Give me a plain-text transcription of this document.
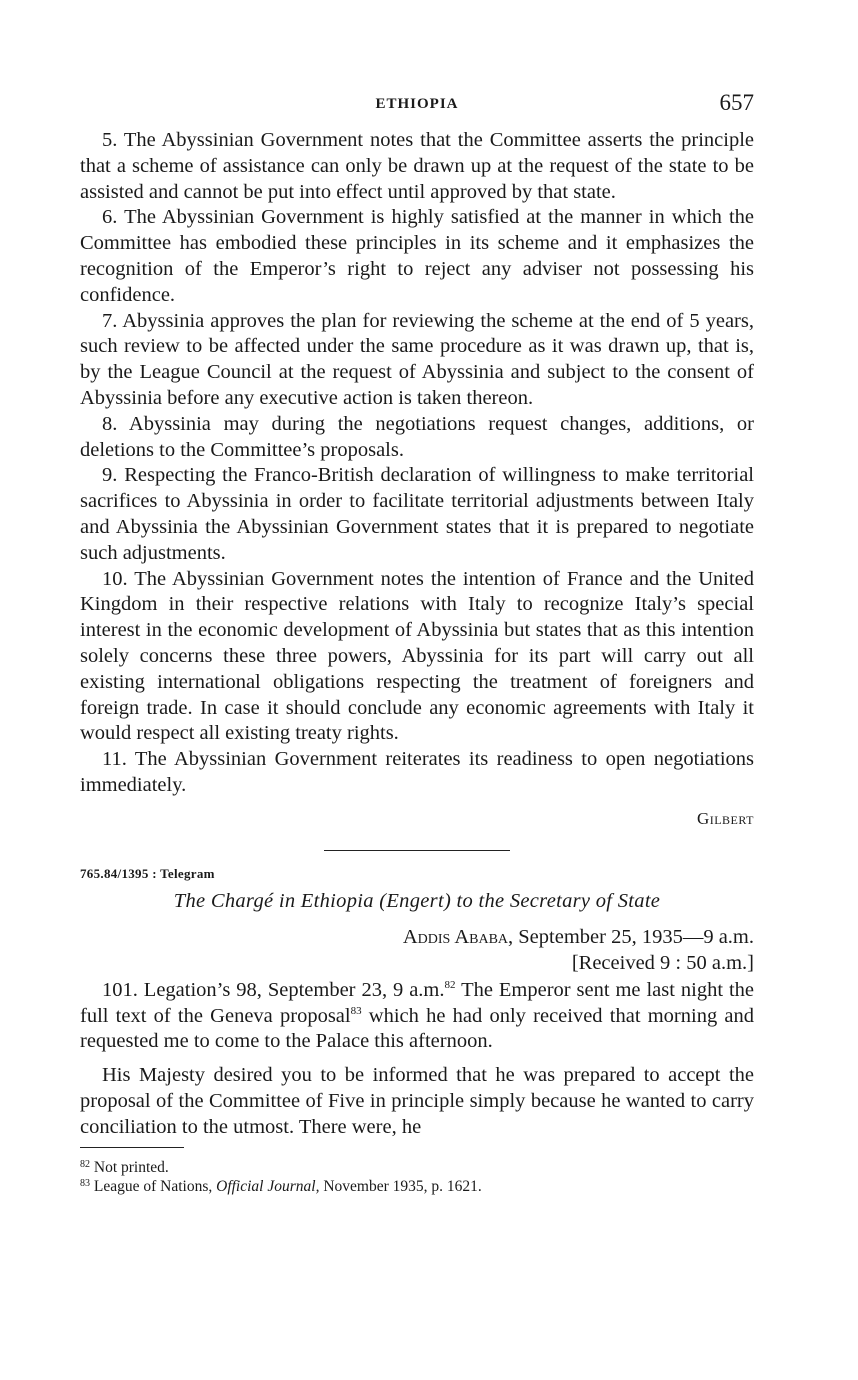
ETHIOPIA	657

5. The Abyssinian Government notes that the Committee asserts the principle that a scheme of assistance can only be drawn up at the request of the state to be assisted and cannot be put into effect until approved by that state.

6. The Abyssinian Government is highly satisfied at the manner in which the Committee has embodied these principles in its scheme and it emphasizes the recognition of the Emperor’s right to reject any adviser not possessing his confidence.

7. Abyssinia approves the plan for reviewing the scheme at the end of 5 years, such review to be affected under the same procedure as it was drawn up, that is, by the League Council at the request of Abyssinia and subject to the consent of Abyssinia before any executive action is taken thereon.

8. Abyssinia may during the negotiations request changes, additions, or deletions to the Committee’s proposals.

9. Respecting the Franco-British declaration of willingness to make territorial sacrifices to Abyssinia in order to facilitate territorial adjustments between Italy and Abyssinia the Abyssinian Government states that it is prepared to negotiate such adjustments.

10. The Abyssinian Government notes the intention of France and the United Kingdom in their respective relations with Italy to recognize Italy’s special interest in the economic development of Abyssinia but states that as this intention solely concerns these three powers, Abyssinia for its part will carry out all existing international obligations respecting the treatment of foreigners and foreign trade. In case it should conclude any economic agreements with Italy it would respect all existing treaty rights.

11. The Abyssinian Government reiterates its readiness to open negotiations immediately.

Gilbert
765.84/1395 : Telegram
The Chargé in Ethiopia (Engert) to the Secretary of State
Addis Ababa, September 25, 1935—9 a.m.
[Received 9 : 50 a.m.]

101. Legation’s 98, September 23, 9 a.m.$^{82}$ The Emperor sent me last night the full text of the Geneva proposal$^{83}$ which he had only received that morning and requested me to come to the Palace this afternoon.

His Majesty desired you to be informed that he was prepared to accept the proposal of the Committee of Five in principle simply because he wanted to carry conciliation to the utmost. There were, he

$^{82}$ Not printed.
$^{83}$ League of Nations, Official Journal, November 1935, p. 1621.
